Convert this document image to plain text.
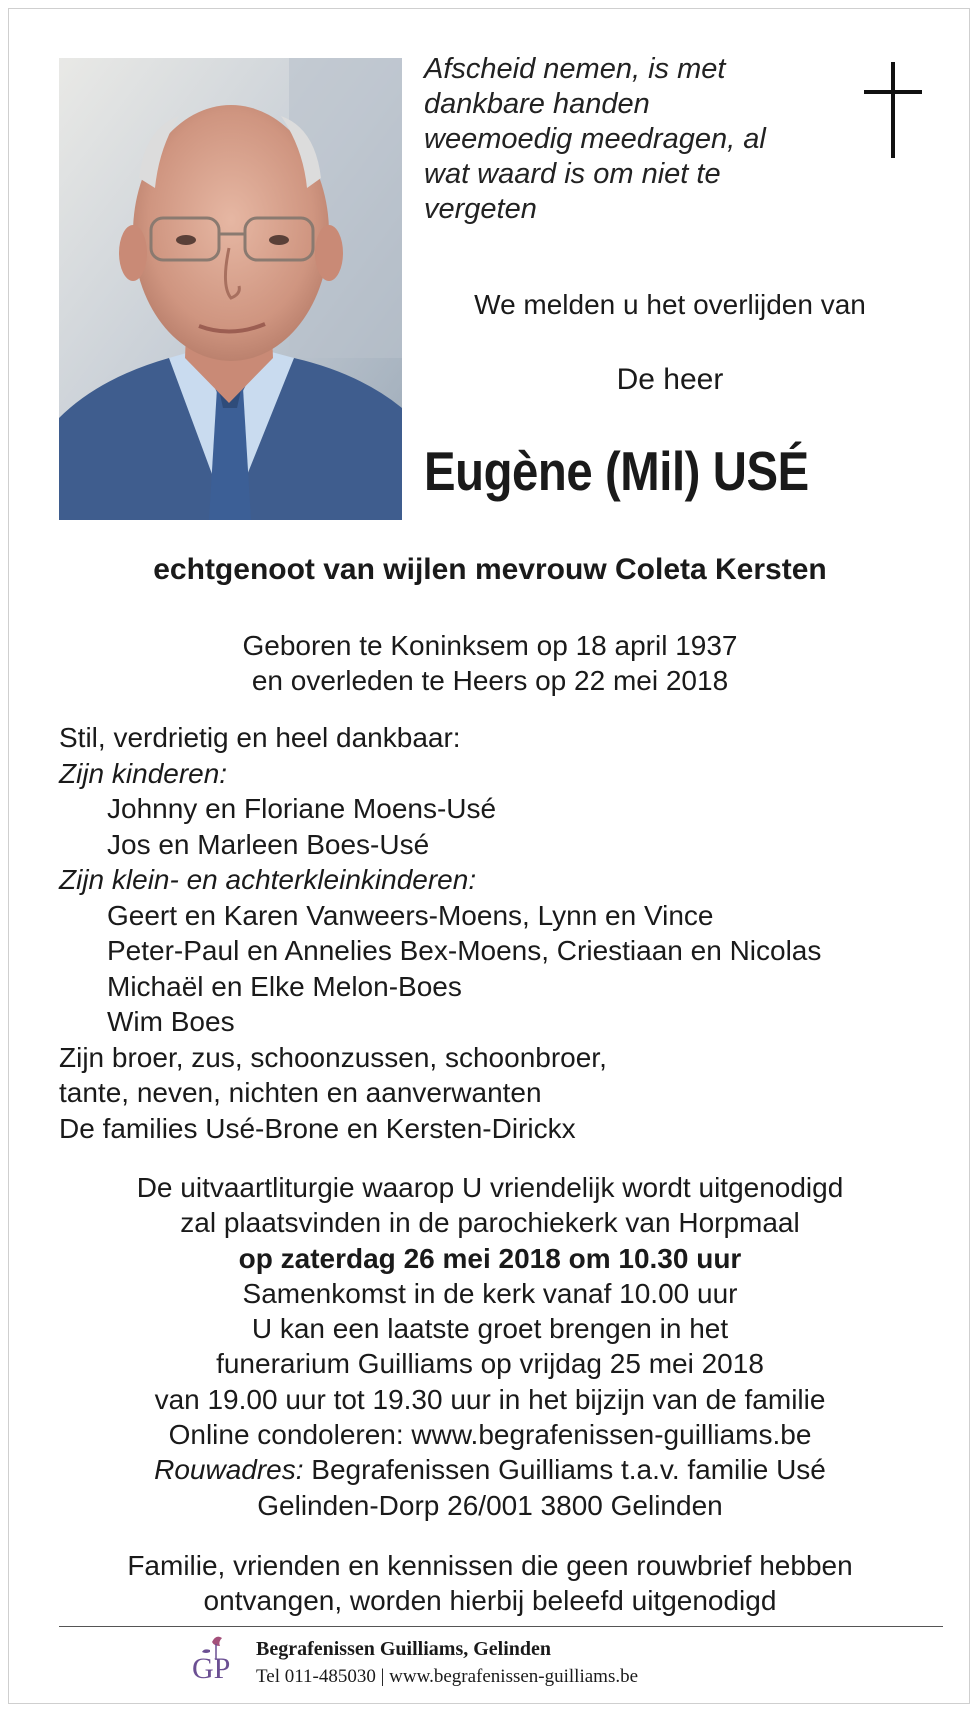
Afscheid nemen, is met
dankbare handen
weemoedig meedragen, al
wat waard is om niet te
vergeten
We melden u het overlijden van
De heer
Eugène (Mil) USÉ
echtgenoot van wijlen mevrouw Coleta Kersten
Geboren te Koninksem op 18 april 1937
en overleden te Heers op 22 mei 2018
Stil, verdrietig en heel dankbaar:
Zijn kinderen:
Johnny en Floriane Moens-Usé
Jos en Marleen Boes-Usé
Zijn klein- en achterkleinkinderen:
Geert en Karen Vanweers-Moens, Lynn en Vince
Peter-Paul en Annelies Bex-Moens, Criestiaan en Nicolas
Michaël en Elke Melon-Boes
Wim Boes
Zijn broer, zus, schoonzussen, schoonbroer,
tante, neven, nichten en aanverwanten
De families Usé-Brone en Kersten-Dirickx
De uitvaartliturgie waarop U vriendelijk wordt uitgenodigd
zal plaatsvinden in de parochiekerk van Horpmaal
op zaterdag 26 mei 2018 om 10.30 uur
Samenkomst in de kerk vanaf 10.00 uur
U kan een laatste groet brengen in het
funerarium Guilliams op vrijdag 25 mei 2018
van 19.00 uur tot 19.30 uur in het bijzijn van de familie
Online condoleren: www.begrafenissen-guilliams.be
Rouwadres: Begrafenissen Guilliams t.a.v. familie Usé
Gelinden-Dorp 26/001 3800 Gelinden
Familie, vrienden en kennissen die geen rouwbrief hebben
ontvangen, worden hierbij beleefd uitgenodigd
GP
Begrafenissen Guilliams, Gelinden
Tel 011-485030 | www.begrafenissen-guilliams.be
